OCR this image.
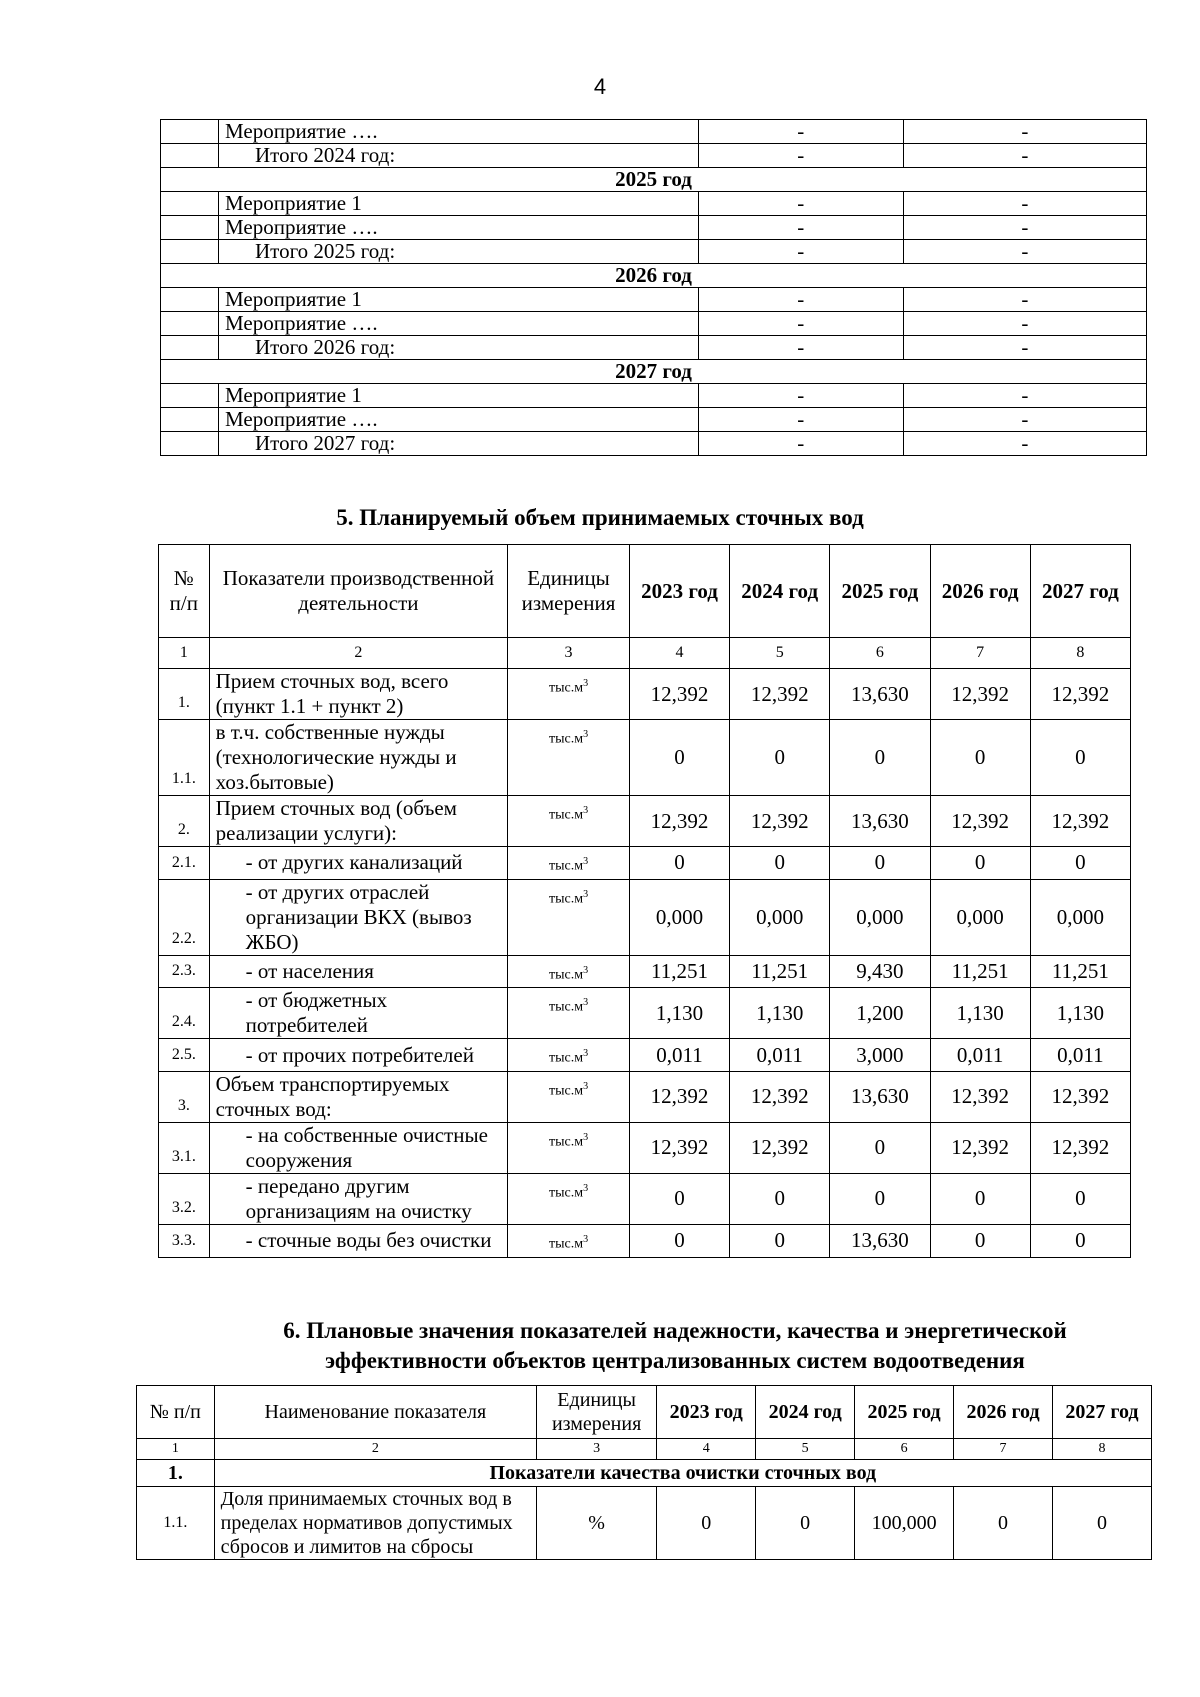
4
	Мероприятие ….	-	-
	Итого 2024 год:	-	-
2025 год			
	Мероприятие 1	-	-
	Мероприятие ….	-	-
	Итого 2025 год:	-	-
2026 год			
	Мероприятие 1	-	-
	Мероприятие ….	-	-
	Итого 2026 год:	-	-
2027 год			
	Мероприятие 1	-	-
	Мероприятие ….	-	-
	Итого 2027 год:	-	-
5. Планируемый объем принимаемых сточных вод
№ п/п	Показатели производственной деятельности	Единицы измерения	2023 год	2024 год	2025 год	2026 год	2027 год
1	2	3	4	5	6	7	8
1.	Прием сточных вод, всего (пункт 1.1 + пункт 2)	$тыс.м^3$	12,392	12,392	13,630	12,392	12,392
1.1.	в т.ч. собственные нужды (технологические нужды и хоз.бытовые)	$тыс.м^3$	0	0	0	0	0
2.	Прием сточных вод (объем реализации услуги):	$тыс.м^3$	12,392	12,392	13,630	12,392	12,392
2.1.	- от других канализаций	$тыс.м^3$	0	0	0	0	0
2.2.	- от других отраслей организации ВКХ (вывоз ЖБО)	$тыс.м^3$	0,000	0,000	0,000	0,000	0,000
2.3.	- от населения	$тыс.м^3$	11,251	11,251	9,430	11,251	11,251
2.4.	- от бюджетных потребителей	$тыс.м^3$	1,130	1,130	1,200	1,130	1,130
2.5.	- от прочих потребителей	$тыс.м^3$	0,011	0,011	3,000	0,011	0,011
3.	Объем транспортируемых сточных вод:	$тыс.м^3$	12,392	12,392	13,630	12,392	12,392
3.1.	- на собственные очистные сооружения	$тыс.м^3$	12,392	12,392	0	12,392	12,392
3.2.	- передано другим организациям на очистку	$тыс.м^3$	0	0	0	0	0
3.3.	- сточные воды без очистки	$тыс.м^3$	0	0	13,630	0	0
6. Плановые значения показателей надежности, качества и энергетической
эффективности объектов централизованных систем водоотведения
№ п/п	Наименование показателя	Единицы измерения	2023 год	2024 год	2025 год	2026 год	2027 год
1	2	3	4	5	6	7	8
1.	Показатели качества очистки сточных вод						
1.1.	Доля принимаемых сточных вод в пределах нормативов допустимых сбросов и лимитов на сбросы	%	0	0	100,000	0	0
